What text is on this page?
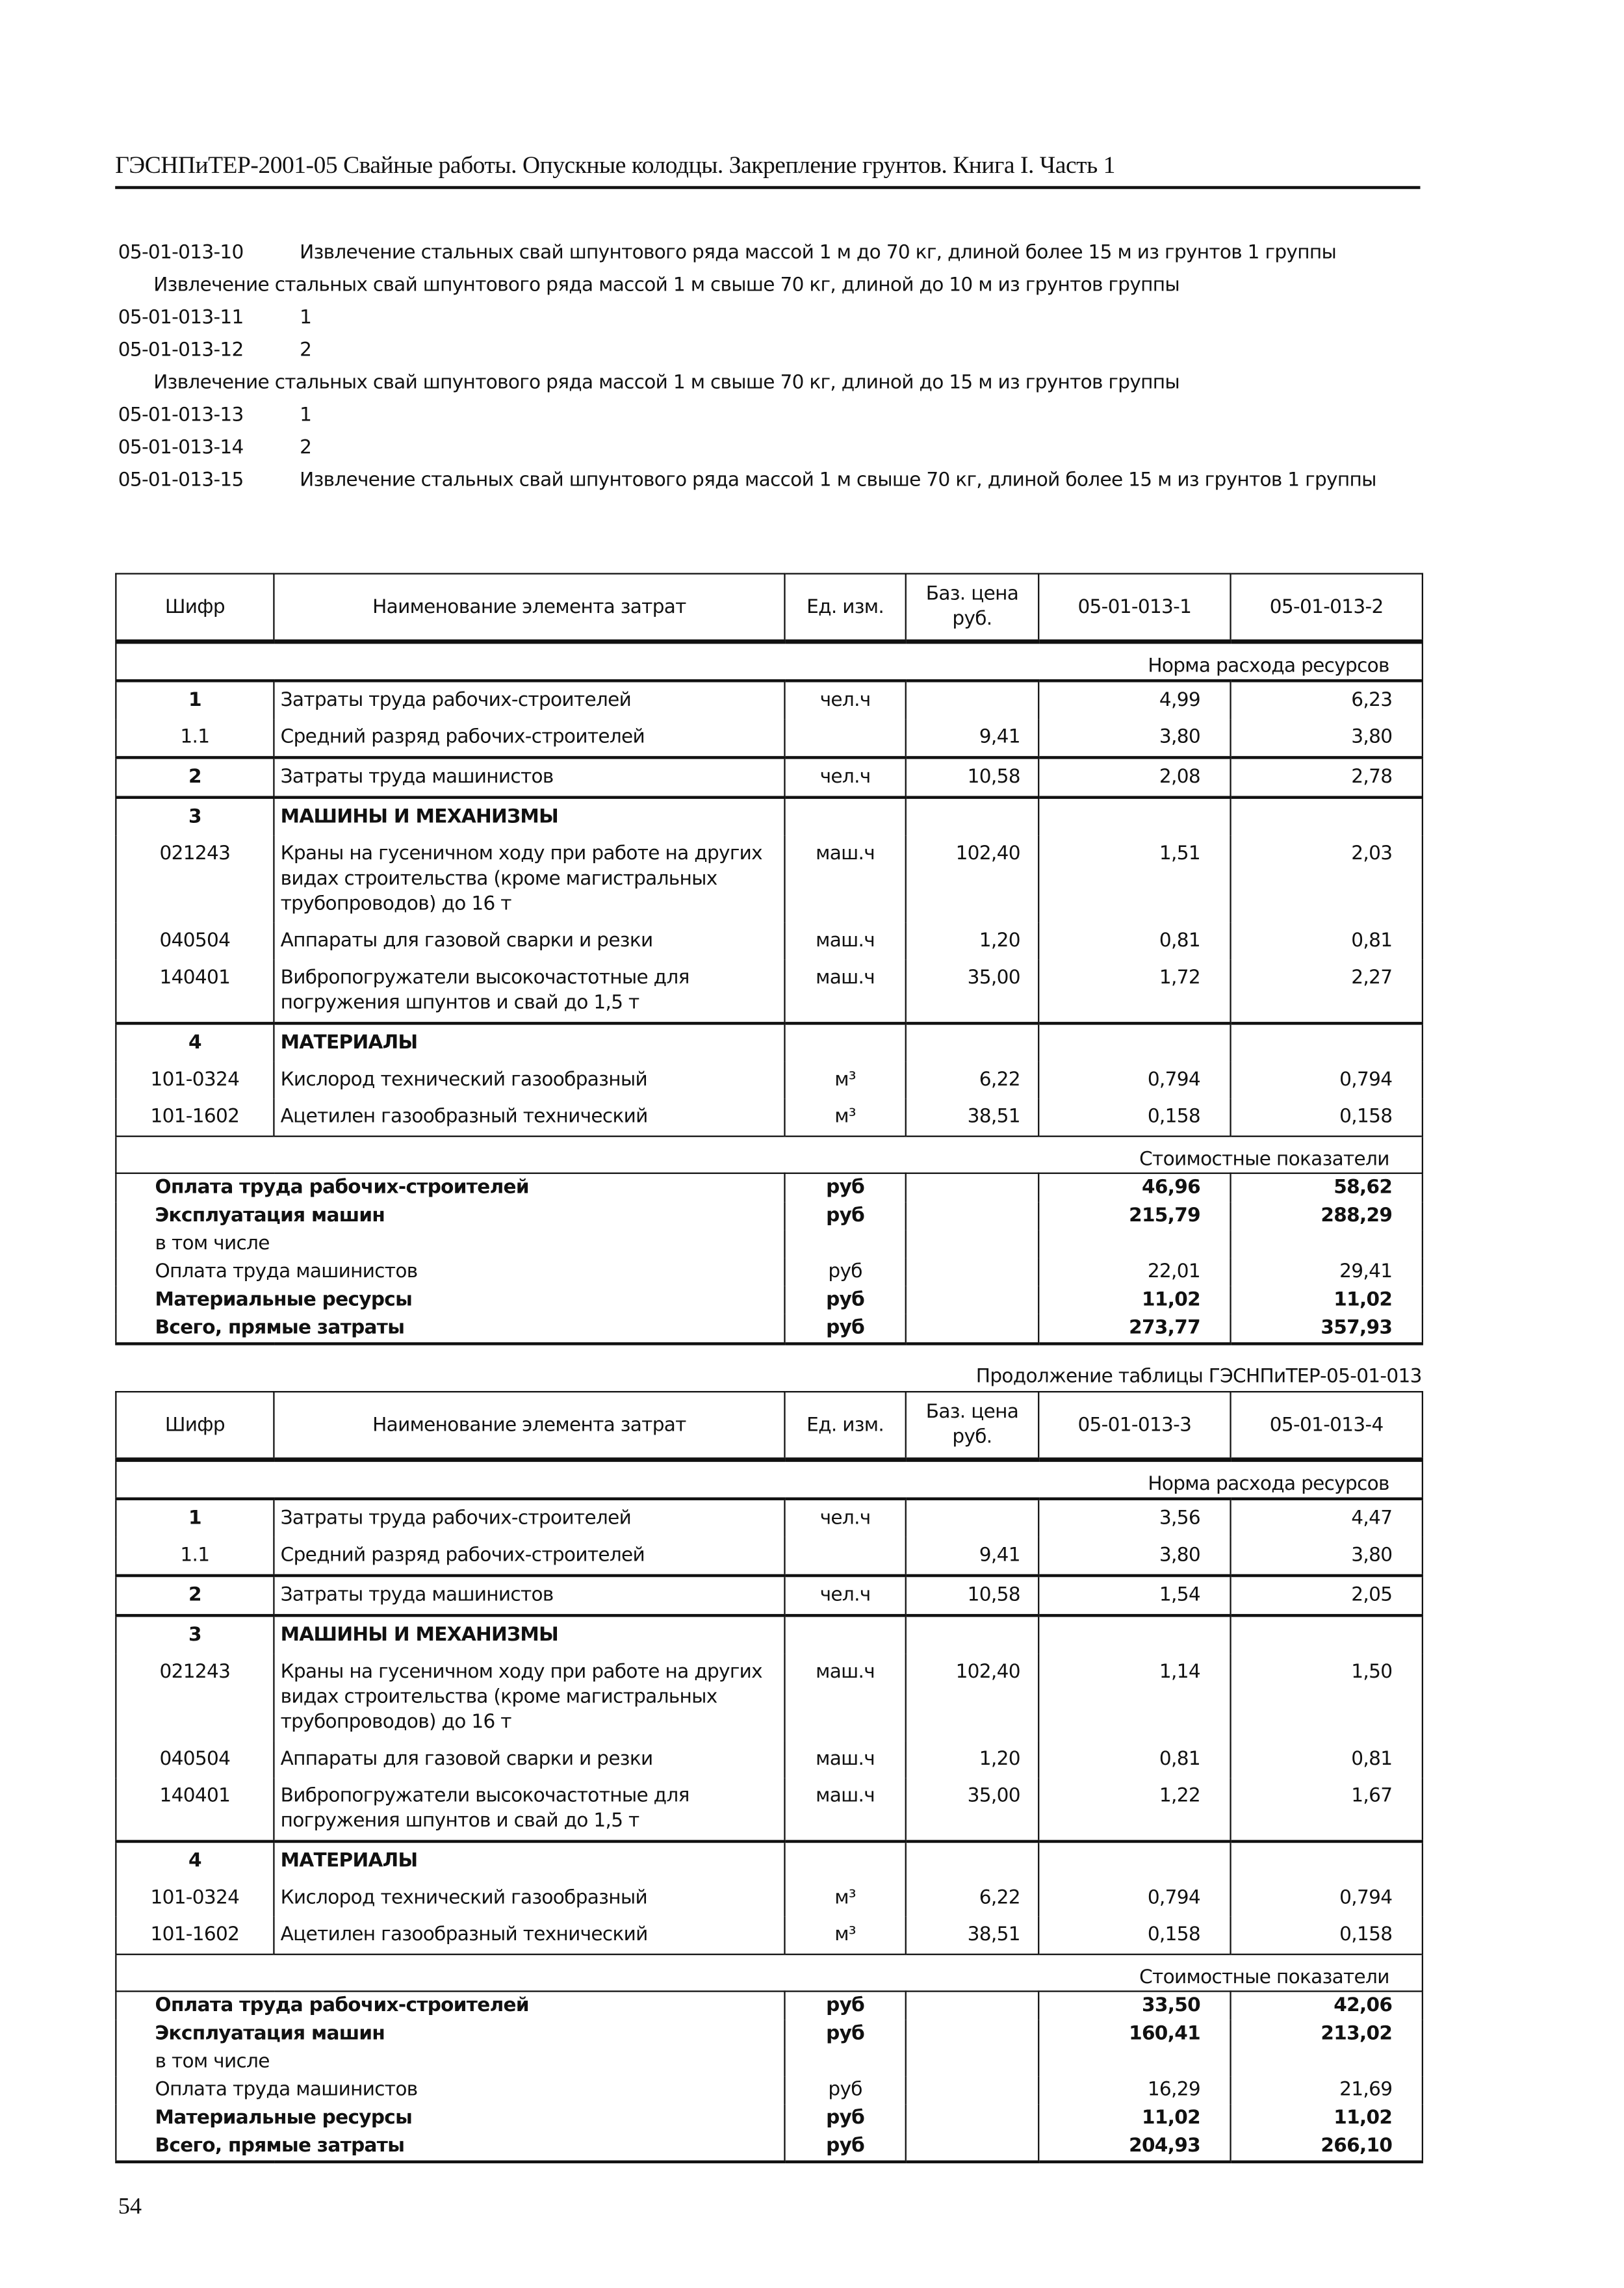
ГЭСНПиТЕР-2001-05 Свайные работы. Опускные колодцы. Закрепление грунтов. Книга I. Часть 1
05-01-013-10	Извлечение стальных свай шпунтового ряда массой 1 м до 70 кг, длиной более 15 м из грунтов 1 группы
Извлечение стальных свай шпунтового ряда массой 1 м свыше 70 кг, длиной до 10 м из грунтов группы
05-01-013-11	1
05-01-013-12	2
Извлечение стальных свай шпунтового ряда массой 1 м свыше 70 кг, длиной до 15 м из грунтов группы
05-01-013-13	1
05-01-013-14	2
05-01-013-15	Извлечение стальных свай шпунтового ряда массой 1 м свыше 70 кг, длиной более 15 м из грунтов 1 группы
Шифр	Наименование элемента затрат	Ед. изм.	Баз. цена руб.	05-01-013-1	05-01-013-2
Норма расхода ресурсов					
1	Затраты труда рабочих-строителей	чел.ч		4,99	6,23
1.1	Средний разряд рабочих-строителей		9,41	3,80	3,80
2	Затраты труда машинистов	чел.ч	10,58	2,08	2,78
3	МАШИНЫ И МЕХАНИЗМЫ				
021243	Краны на гусеничном ходу при работе на других видах строительства (кроме магистральных трубопроводов) до 16 т	маш.ч	102,40	1,51	2,03
040504	Аппараты для газовой сварки и резки	маш.ч	1,20	0,81	0,81
140401	Вибропогружатели высокочастотные для погружения шпунтов и свай до 1,5 т	маш.ч	35,00	1,72	2,27
4	МАТЕРИАЛЫ				
101-0324	Кислород технический газообразный	м³	6,22	0,794	0,794
101-1602	Ацетилен газообразный технический	м³	38,51	0,158	0,158
Стоимостные показатели					
Оплата труда рабочих-строителей		руб		46,96	58,62
Эксплуатация машин		руб		215,79	288,29
в том числе					
Оплата труда машинистов		руб		22,01	29,41
Материальные ресурсы		руб		11,02	11,02
Всего, прямые затраты		руб		273,77	357,93
Продолжение таблицы ГЭСНПиТЕР-05-01-013
Шифр	Наименование элемента затрат	Ед. изм.	Баз. цена руб.	05-01-013-3	05-01-013-4
Норма расхода ресурсов					
1	Затраты труда рабочих-строителей	чел.ч		3,56	4,47
1.1	Средний разряд рабочих-строителей		9,41	3,80	3,80
2	Затраты труда машинистов	чел.ч	10,58	1,54	2,05
3	МАШИНЫ И МЕХАНИЗМЫ				
021243	Краны на гусеничном ходу при работе на других видах строительства (кроме магистральных трубопроводов) до 16 т	маш.ч	102,40	1,14	1,50
040504	Аппараты для газовой сварки и резки	маш.ч	1,20	0,81	0,81
140401	Вибропогружатели высокочастотные для погружения шпунтов и свай до 1,5 т	маш.ч	35,00	1,22	1,67
4	МАТЕРИАЛЫ				
101-0324	Кислород технический газообразный	м³	6,22	0,794	0,794
101-1602	Ацетилен газообразный технический	м³	38,51	0,158	0,158
Стоимостные показатели					
Оплата труда рабочих-строителей		руб		33,50	42,06
Эксплуатация машин		руб		160,41	213,02
в том числе					
Оплата труда машинистов		руб		16,29	21,69
Материальные ресурсы		руб		11,02	11,02
Всего, прямые затраты		руб		204,93	266,10
54
